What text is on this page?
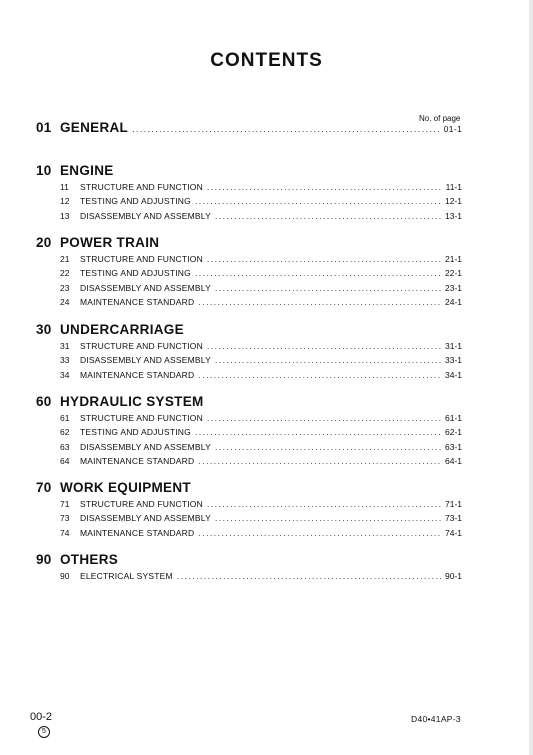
CONTENTS
No. of page
01 GENERAL .....	01-1
10 ENGINE
11	STRUCTURE AND FUNCTION .....	11-1
12	TESTING AND ADJUSTING .....	12-1
13	DISASSEMBLY AND ASSEMBLY .....	13-1
20 POWER TRAIN
21	STRUCTURE AND FUNCTION .....	21-1
22	TESTING AND ADJUSTING .....	22-1
23	DISASSEMBLY AND ASSEMBLY .....	23-1
24	MAINTENANCE STANDARD .....	24-1
30 UNDERCARRIAGE
31	STRUCTURE AND FUNCTION .....	31-1
33	DISASSEMBLY AND ASSEMBLY .....	33-1
34	MAINTENANCE STANDARD .....	34-1
60 HYDRAULIC SYSTEM
61	STRUCTURE AND FUNCTION .....	61-1
62	TESTING AND ADJUSTING .....	62-1
63	DISASSEMBLY AND ASSEMBLY .....	63-1
64	MAINTENANCE STANDARD .....	64-1
70 WORK EQUIPMENT
71	STRUCTURE AND FUNCTION .....	71-1
73	DISASSEMBLY AND ASSEMBLY .....	73-1
74	MAINTENANCE STANDARD .....	74-1
90 OTHERS
90	ELECTRICAL SYSTEM .....	90-1
00-2
5
D40•41AP-3
